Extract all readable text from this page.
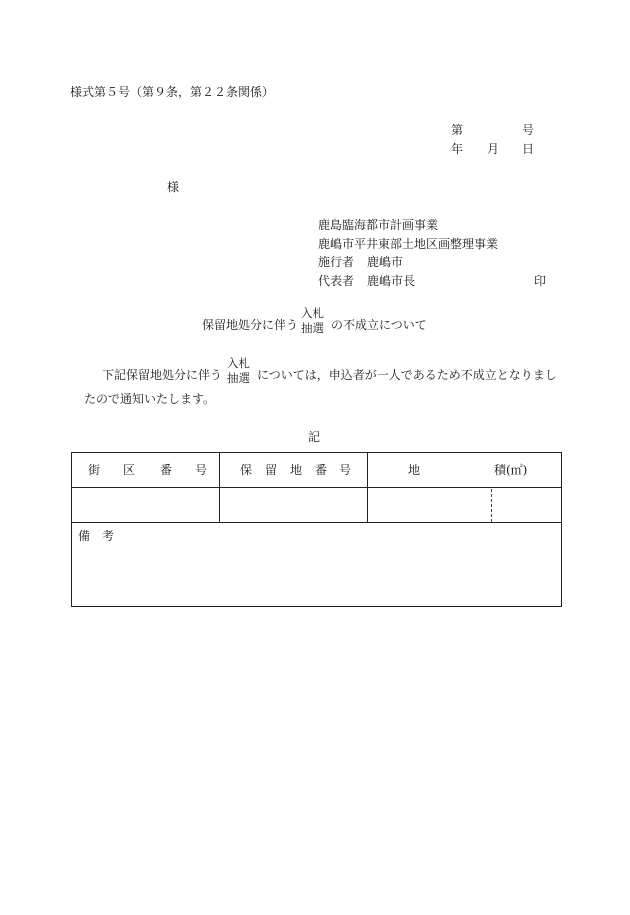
様式第５号（第９条，第２２条関係）
第	号
年 月 日
様
鹿島臨海都市計画事業
鹿嶋市平井東部土地区画整理事業
施行者 鹿嶋市
代表者 鹿嶋市長	印
保留地処分に伴う
入札
抽選 の不成立について
下記保留地処分に伴う
入札
抽選 については，申込者が一人であるため不成立となりまし
たので通知いたします。
記
街 区 番 号	保 留 地 番 号	地	積(㎡)
備 考
